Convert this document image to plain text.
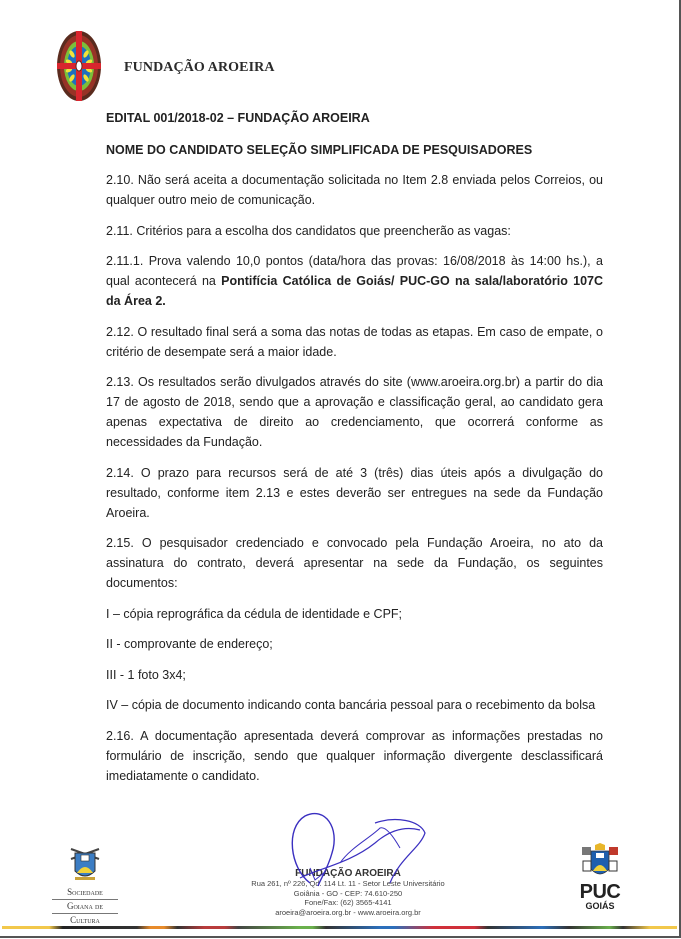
FUNDAÇÃO AROEIRA
EDITAL 001/2018-02 – FUNDAÇÃO AROEIRA
NOME DO CANDIDATO SELEÇÃO SIMPLIFICADA DE PESQUISADORES

2.10. Não será aceita a documentação solicitada no Item 2.8 enviada pelos Correios, ou qualquer outro meio de comunicação.

2.11. Critérios para a escolha dos candidatos que preencherão as vagas:

2.11.1. Prova valendo 10,0 pontos (data/hora das provas: 16/08/2018 às 14:00 hs.), a qual acontecerá na Pontifícia Católica de Goiás/ PUC-GO na sala/laboratório 107C da Área 2.

2.12. O resultado final será a soma das notas de todas as etapas. Em caso de empate, o critério de desempate será a maior idade.

2.13. Os resultados serão divulgados através do site (www.aroeira.org.br) a partir do dia 17 de agosto de 2018, sendo que a aprovação e classificação geral, ao candidato gera apenas expectativa de direito ao credenciamento, que ocorrerá conforme as necessidades da Fundação.

2.14. O prazo para recursos será de até 3 (três) dias úteis após a divulgação do resultado, conforme item 2.13 e estes deverão ser entregues na sede da Fundação Aroeira.

2.15. O pesquisador credenciado e convocado pela Fundação Aroeira, no ato da assinatura do contrato, deverá apresentar na sede da Fundação, os seguintes documentos:

I – cópia reprográfica da cédula de identidade e CPF;

II - comprovante de endereço;

III - 1 foto 3x4;

IV – cópia de documento indicando conta bancária pessoal para o recebimento da bolsa

2.16. A documentação apresentada deverá comprovar as informações prestadas no formulário de inscrição, sendo que qualquer informação divergente desclassificará imediatamente o candidato.

Sociedade
Goiana de
Cultura
FUNDAÇÃO AROEIRA
Rua 261, nº 226, Qd. 114 Lt. 11 - Setor Leste Universitário
Goiânia - GO - CEP: 74.610-250
Fone/Fax: (62) 3565-4141
aroeira@aroeira.org.br - www.aroeira.org.br
PUC
GOIÁS
